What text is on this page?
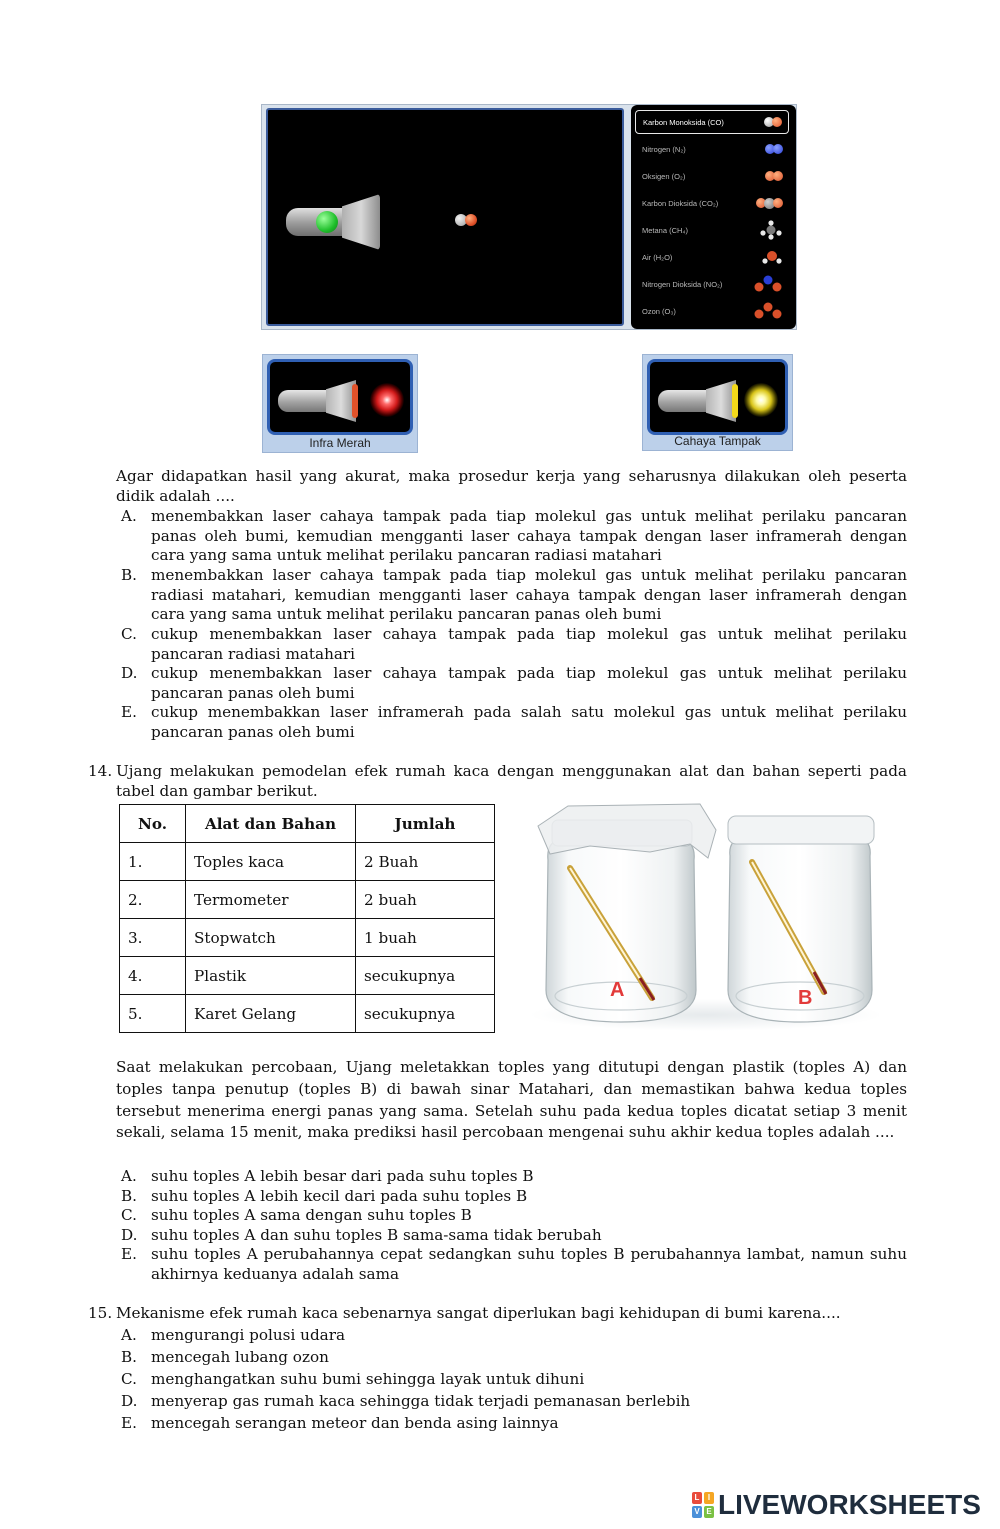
Karbon Monoksida (CO)
Nitrogen (N₂)
Oksigen (O₂)
Karbon Dioksida (CO₂)
Metana (CH₄)
Air (H₂O)
Nitrogen Dioksida (NO₂)
Ozon (O₃)
Infra Merah	Cahaya Tampak
Agar didapatkan hasil yang akurat, maka prosedur kerja yang seharusnya dilakukan oleh peserta didik adalah ....
A. menembakkan laser cahaya tampak pada tiap molekul gas untuk melihat perilaku pancaran panas oleh bumi, kemudian mengganti laser cahaya tampak dengan laser inframerah dengan cara yang sama untuk melihat perilaku pancaran radiasi matahari
B. menembakkan laser cahaya tampak pada tiap molekul gas untuk melihat perilaku pancaran radiasi matahari, kemudian mengganti laser cahaya tampak dengan laser inframerah dengan cara yang sama untuk melihat perilaku pancaran panas oleh bumi
C. cukup menembakkan laser cahaya tampak pada tiap molekul gas untuk melihat perilaku pancaran radiasi matahari
D. cukup menembakkan laser cahaya tampak pada tiap molekul gas untuk melihat perilaku pancaran panas oleh bumi
E. cukup menembakkan laser inframerah pada salah satu molekul gas untuk melihat perilaku pancaran panas oleh bumi
14. Ujang melakukan pemodelan efek rumah kaca dengan menggunakan alat dan bahan seperti pada tabel dan gambar berikut.
No.	Alat dan Bahan	Jumlah
1.	Toples kaca	2 Buah
2.	Termometer	2 buah
3.	Stopwatch	1 buah
4.	Plastik	secukupnya
5.	Karet Gelang	secukupnya
A	B
Saat melakukan percobaan, Ujang meletakkan toples yang ditutupi dengan plastik (toples A) dan toples tanpa penutup (toples B) di bawah sinar Matahari, dan memastikan bahwa kedua toples tersebut menerima energi panas yang sama. Setelah suhu pada kedua toples dicatat setiap 3 menit sekali, selama 15 menit, maka prediksi hasil percobaan mengenai suhu akhir kedua toples adalah ....
A. suhu toples A lebih besar dari pada suhu toples B
B. suhu toples A lebih kecil dari pada suhu toples B
C. suhu toples A sama dengan suhu toples B
D. suhu toples A dan suhu toples B sama-sama tidak berubah
E. suhu toples A perubahannya cepat sedangkan suhu toples B perubahannya lambat, namun suhu akhirnya keduanya adalah sama
15. Mekanisme efek rumah kaca sebenarnya sangat diperlukan bagi kehidupan di bumi karena....
A. mengurangi polusi udara
B. mencegah lubang ozon
C. menghangatkan suhu bumi sehingga layak untuk dihuni
D. menyerap gas rumah kaca sehingga tidak terjadi pemanasan berlebih
E. mencegah serangan meteor dan benda asing lainnya
L	I
V E LIVEWORKSHEETS
